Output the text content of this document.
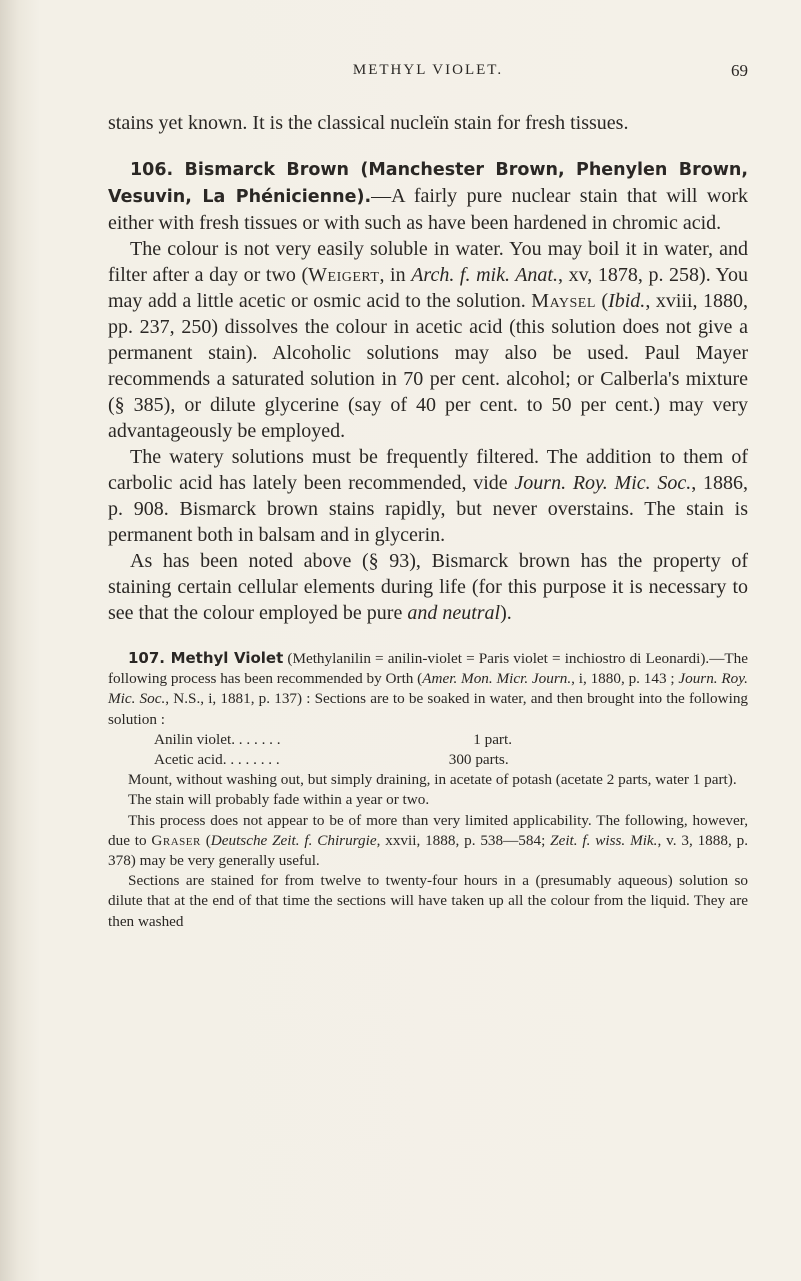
METHYL VIOLET.	69

stains yet known. It is the classical nucleïn stain for fresh tissues.

106. Bismarck Brown (Manchester Brown, Phenylen Brown, Vesuvin, La Phénicienne).—A fairly pure nuclear stain that will work either with fresh tissues or with such as have been hardened in chromic acid.

The colour is not very easily soluble in water. You may boil it in water, and filter after a day or two (Weigert, in Arch. f. mik. Anat., xv, 1878, p. 258). You may add a little acetic or osmic acid to the solution. Maysel (Ibid., xviii, 1880, pp. 237, 250) dissolves the colour in acetic acid (this solution does not give a permanent stain). Alcoholic solutions may also be used. Paul Mayer recommends a saturated solution in 70 per cent. alcohol; or Calberla's mixture (§ 385), or dilute glycerine (say of 40 per cent. to 50 per cent.) may very advantageously be employed.

The watery solutions must be frequently filtered. The addition to them of carbolic acid has lately been recommended, vide Journ. Roy. Mic. Soc., 1886, p. 908. Bismarck brown stains rapidly, but never overstains. The stain is permanent both in balsam and in glycerin.

As has been noted above (§ 93), Bismarck brown has the property of staining certain cellular elements during life (for this purpose it is necessary to see that the colour employed be pure and neutral).

107. Methyl Violet (Methylanilin = anilin-violet = Paris violet = inchiostro di Leonardi).—The following process has been recommended by Orth (Amer. Mon. Micr. Journ., i, 1880, p. 143 ; Journ. Roy. Mic. Soc., N.S., i, 1881, p. 137) : Sections are to be soaked in water, and then brought into the following solution :

Anilin violet . . . . . . .	1 part.
Acetic acid . . . . . . . .	300 parts.

Mount, without washing out, but simply draining, in acetate of potash (acetate 2 parts, water 1 part).

The stain will probably fade within a year or two.

This process does not appear to be of more than very limited applicability. The following, however, due to Graser (Deutsche Zeit. f. Chirurgie, xxvii, 1888, p. 538—584; Zeit. f. wiss. Mik., v. 3, 1888, p. 378) may be very generally useful.

Sections are stained for from twelve to twenty-four hours in a (presumably aqueous) solution so dilute that at the end of that time the sections will have taken up all the colour from the liquid. They are then washed
